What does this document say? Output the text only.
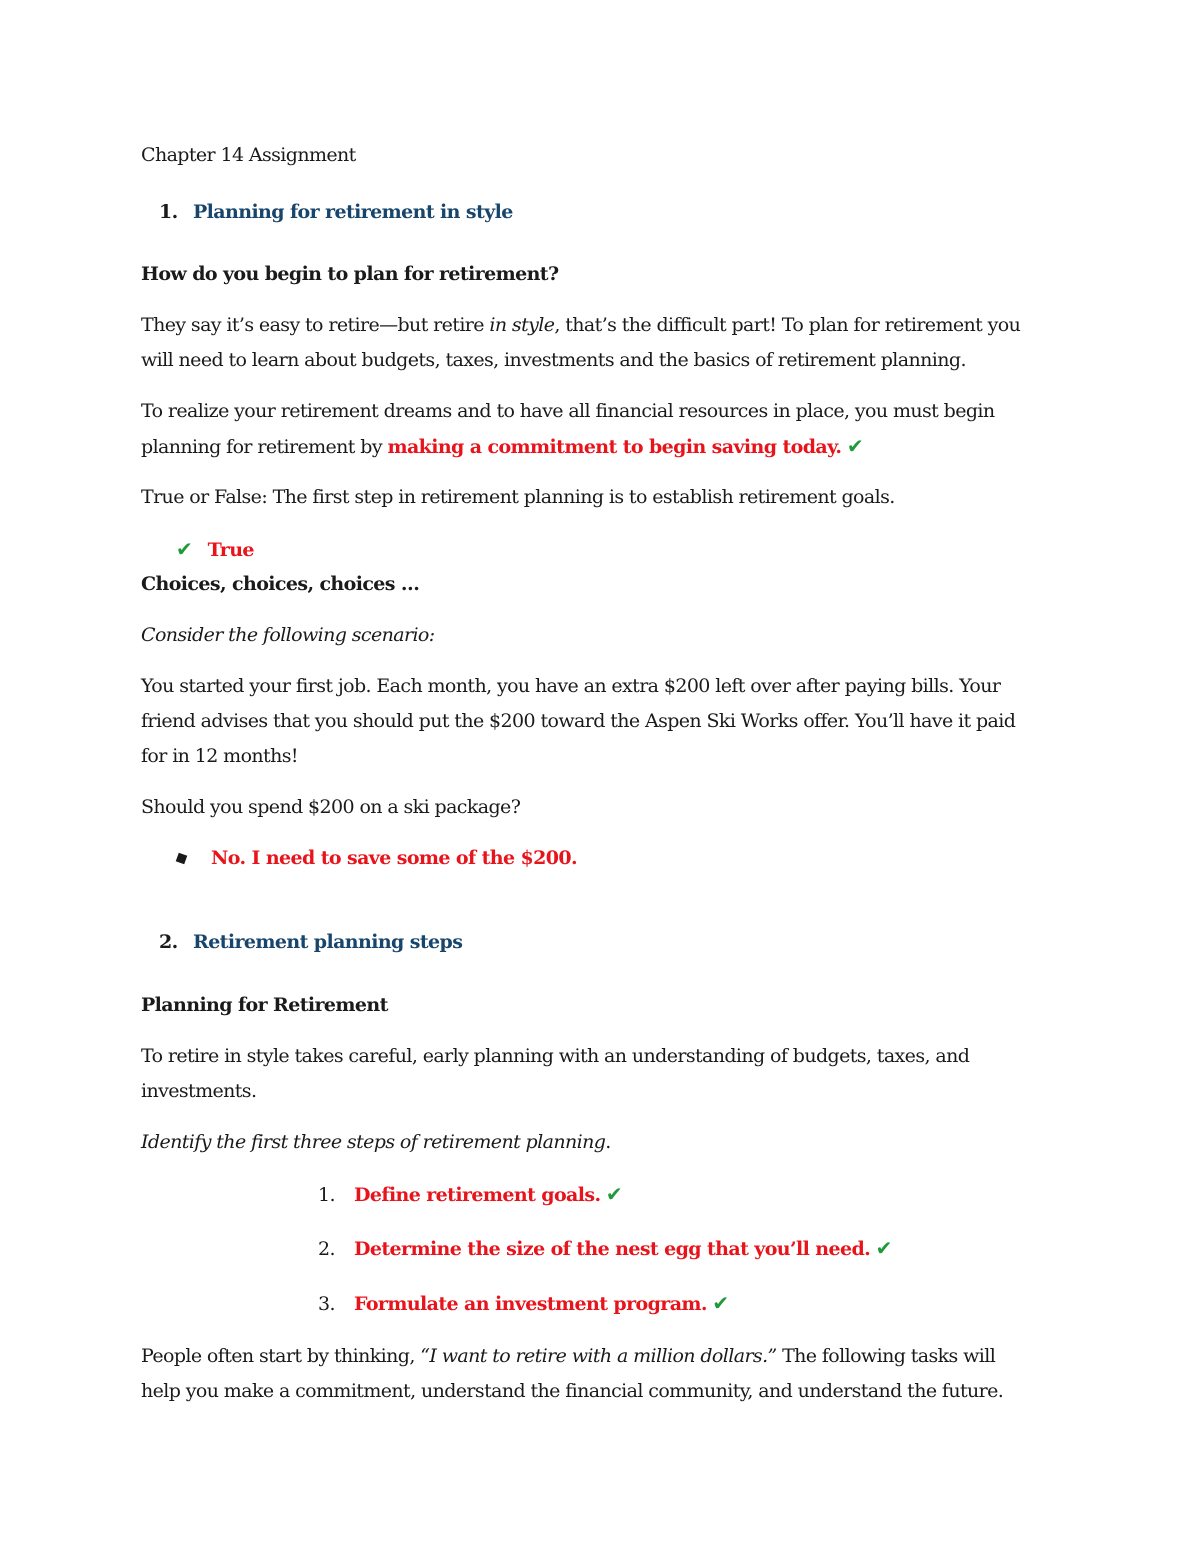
Chapter 14 Assignment
1. Planning for retirement in style
How do you begin to plan for retirement?
They say it’s easy to retire—but retire in style, that’s the difficult part! To plan for retirement you
will need to learn about budgets, taxes, investments and the basics of retirement planning.
To realize your retirement dreams and to have all financial resources in place, you must begin
planning for retirement by making a commitment to begin saving today. ✔
True or False: The first step in retirement planning is to establish retirement goals.
✔ True
Choices, choices, choices …
Consider the following scenario:
You started your first job. Each month, you have an extra $200 left over after paying bills. Your
friend advises that you should put the $200 toward the Aspen Ski Works offer. You’ll have it paid
for in 12 months!
Should you spend $200 on a ski package?
No. I need to save some of the $200.
2. Retirement planning steps
Planning for Retirement
To retire in style takes careful, early planning with an understanding of budgets, taxes, and
investments.
Identify the first three steps of retirement planning.
1. Define retirement goals. ✔
2. Determine the size of the nest egg that you’ll need. ✔
3. Formulate an investment program. ✔
People often start by thinking, “I want to retire with a million dollars.” The following tasks will
help you make a commitment, understand the financial community, and understand the future.
